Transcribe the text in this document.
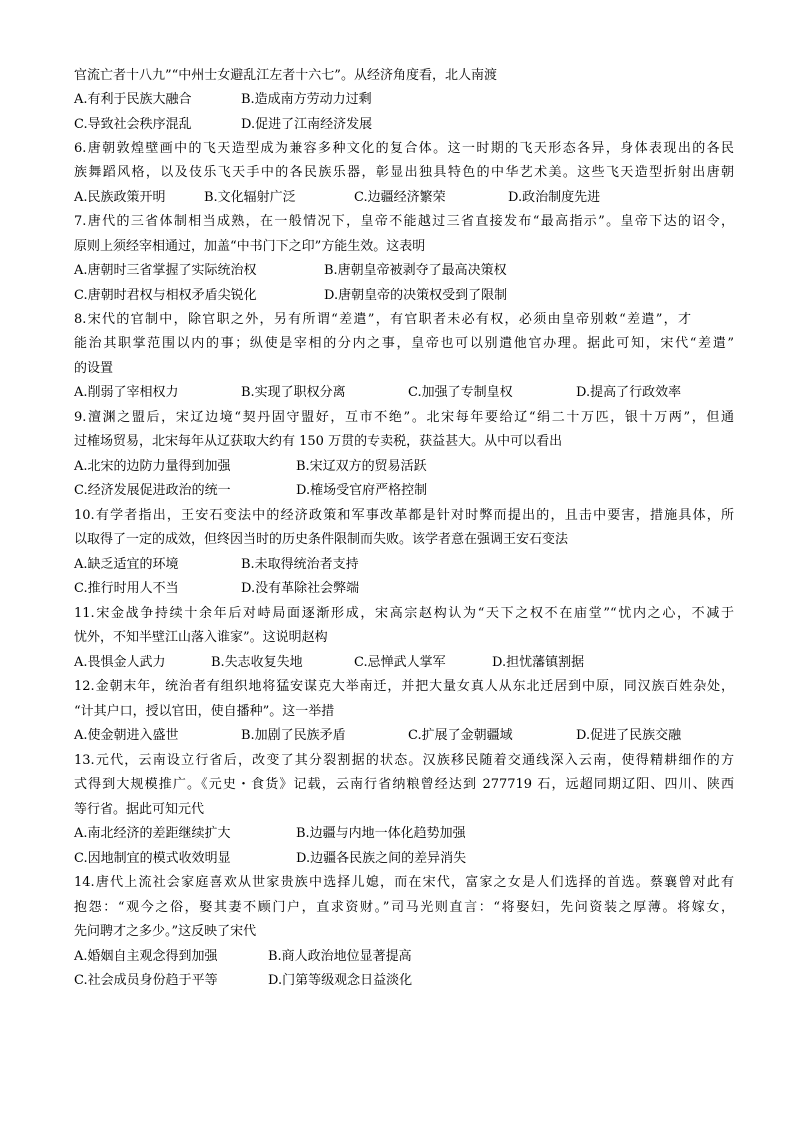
官流亡者十八九”“中州士女避乱江左者十六七”。从经济角度看，北人南渡
A.有利于民族大融合	B.造成南方劳动力过剩
C.导致社会秩序混乱	D.促进了江南经济发展
6.唐朝敦煌壁画中的飞天造型成为兼容多种文化的复合体。这一时期的飞天形态各异，身体表现出的各民
族舞蹈风格，以及伎乐飞天手中的各民族乐器，彰显出独具特色的中华艺术美。这些飞天造型折射出唐朝
A.民族政策开明	B.文化辐射广泛	C.边疆经济繁荣	D.政治制度先进
7.唐代的三省体制相当成熟，在一般情况下，皇帝不能越过三省直接发布“最高指示”。皇帝下达的诏令，
原则上须经宰相通过，加盖“中书门下之印”方能生效。这表明
A.唐朝时三省掌握了实际统治权	B.唐朝皇帝被剥夺了最高决策权
C.唐朝时君权与相权矛盾尖锐化	D.唐朝皇帝的决策权受到了限制
8.宋代的官制中，除官职之外，另有所谓“差遣”，有官职者未必有权，必须由皇帝别敕“差遣”，才
能治其职掌范围以内的事；纵使是宰相的分内之事，皇帝也可以别遣他官办理。据此可知，宋代“差遣”
的设置
A.削弱了宰相权力	B.实现了职权分离	C.加强了专制皇权	D.提高了行政效率
9.澶渊之盟后，宋辽边境“契丹固守盟好，互市不绝”。北宋每年要给辽“绢二十万匹，银十万两”，但通
过榷场贸易，北宋每年从辽获取大约有 150 万贯的专卖税，获益甚大。从中可以看出
A.北宋的边防力量得到加强	B.宋辽双方的贸易活跃
C.经济发展促进政治的统一	D.榷场受官府严格控制
10.有学者指出，王安石变法中的经济政策和军事改革都是针对时弊而提出的，且击中要害，措施具体，所
以取得了一定的成效，但终因当时的历史条件限制而失败。该学者意在强调王安石变法
A.缺乏适宜的环境	B.未取得统治者支持
C.推行时用人不当	D.没有革除社会弊端
11.宋金战争持续十余年后对峙局面逐渐形成，宋高宗赵构认为“天下之权不在庙堂”“忧内之心，不减于
忧外，不知半壁江山落入谁家”。这说明赵构
A.畏惧金人武力	B.失志收复失地	C.忌惮武人掌军	D.担忧藩镇割据
12.金朝末年，统治者有组织地将猛安谋克大举南迁，并把大量女真人从东北迁居到中原，同汉族百姓杂处，
“计其户口，授以官田，使自播种”。这一举措
A.使金朝进入盛世	B.加剧了民族矛盾	C.扩展了金朝疆域	D.促进了民族交融
13.元代，云南设立行省后，改变了其分裂割据的状态。汉族移民随着交通线深入云南，使得精耕细作的方
式得到大规模推广。《元史・食货》记载，云南行省纳粮曾经达到 277719 石，远超同期辽阳、四川、陕西
等行省。据此可知元代
A.南北经济的差距继续扩大	B.边疆与内地一体化趋势加强
C.因地制宜的模式收效明显	D.边疆各民族之间的差异消失
14.唐代上流社会家庭喜欢从世家贵族中选择儿媳，而在宋代，富家之女是人们选择的首选。蔡襄曾对此有
抱怨：“观今之俗，娶其妻不顾门户，直求资财。”司马光则直言：“将娶妇，先问资装之厚薄。将嫁女，
先问聘才之多少。”这反映了宋代
A.婚姻自主观念得到加强	B.商人政治地位显著提高
C.社会成员身份趋于平等	D.门第等级观念日益淡化
